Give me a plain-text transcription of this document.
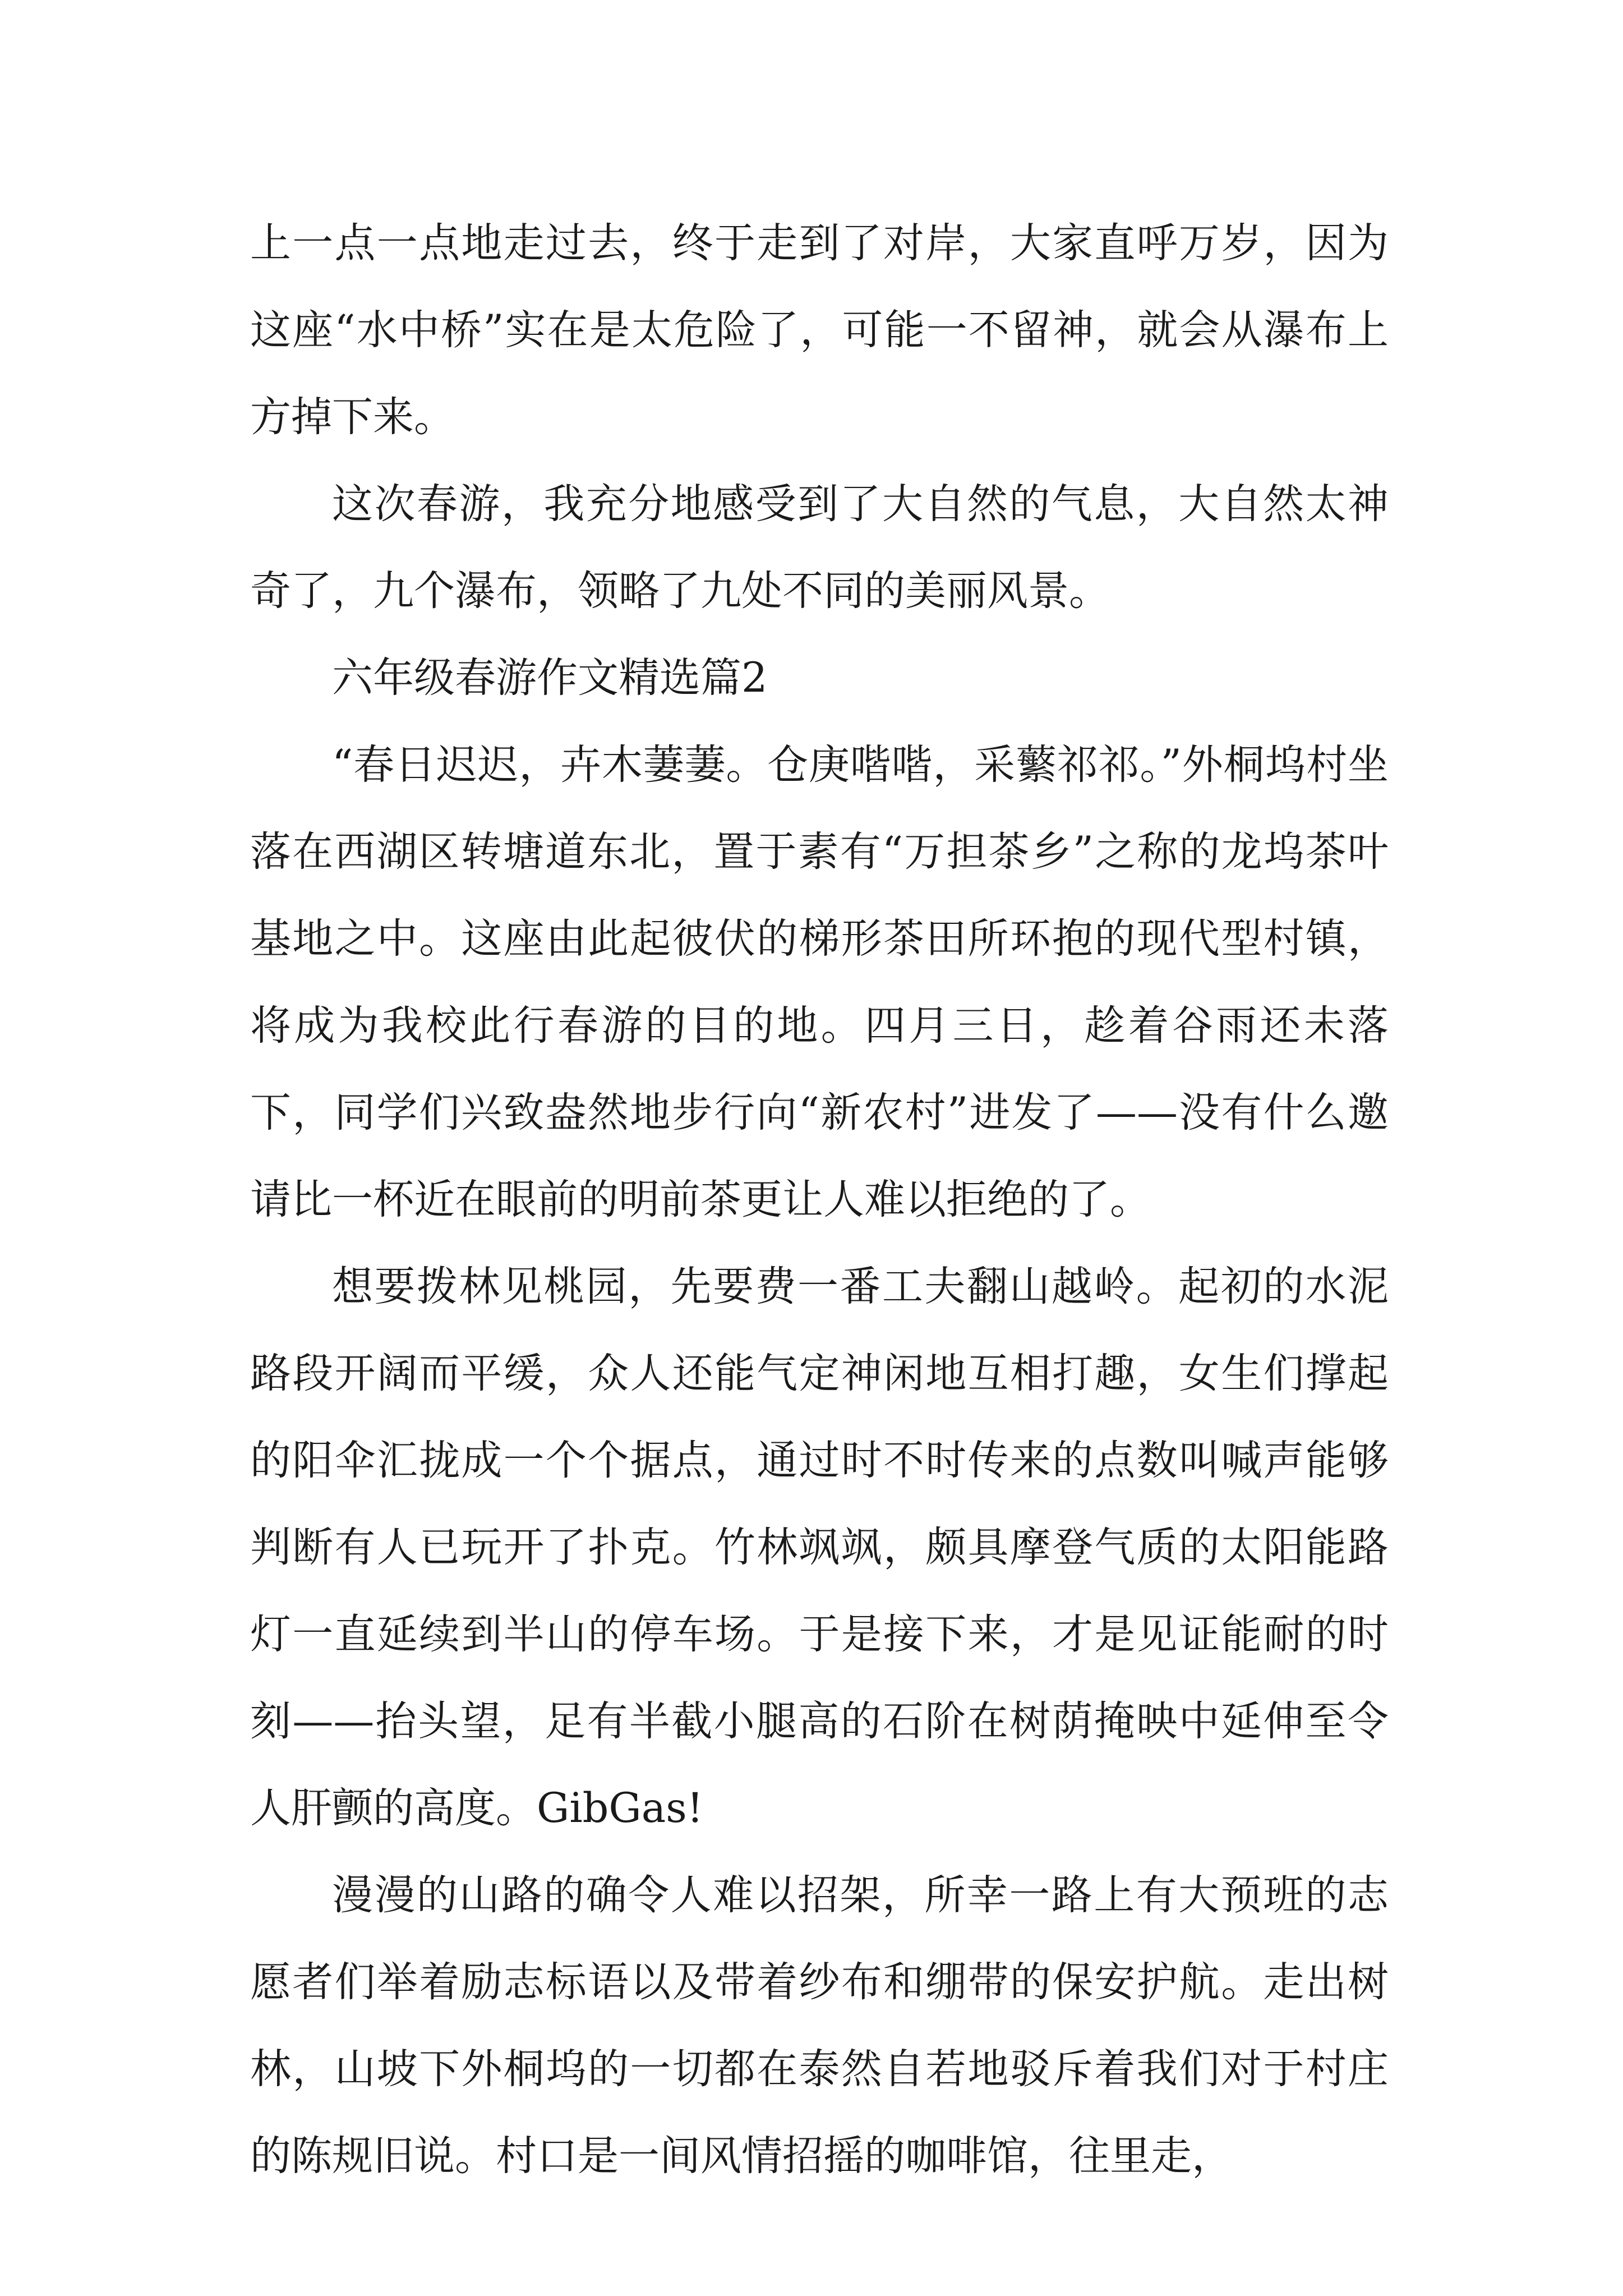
上一点一点地走过去，终于走到了对岸，大家直呼万岁，因为这座“水中桥”实在是太危险了，可能一不留神，就会从瀑布上方掉下来。

这次春游，我充分地感受到了大自然的气息，大自然太神奇了，九个瀑布，领略了九处不同的美丽风景。

六年级春游作文精选篇2

“春日迟迟，卉木萋萋。仓庚喈喈，采蘩祁祁。”外桐坞村坐落在西湖区转塘道东北，置于素有“万担茶乡”之称的龙坞茶叶基地之中。这座由此起彼伏的梯形茶田所环抱的现代型村镇，将成为我校此行春游的目的地。四月三日，趁着谷雨还未落下，同学们兴致盎然地步行向“新农村”进发了——没有什么邀请比一杯近在眼前的明前茶更让人难以拒绝的了。

想要拨林见桃园，先要费一番工夫翻山越岭。起初的水泥路段开阔而平缓，众人还能气定神闲地互相打趣，女生们撑起的阳伞汇拢成一个个据点，通过时不时传来的点数叫喊声能够判断有人已玩开了扑克。竹林飒飒，颇具摩登气质的太阳能路灯一直延续到半山的停车场。于是接下来，才是见证能耐的时刻——抬头望，足有半截小腿高的石阶在树荫掩映中延伸至令人肝颤的高度。GibGas!

漫漫的山路的确令人难以招架，所幸一路上有大预班的志愿者们举着励志标语以及带着纱布和绷带的保安护航。走出树林，山坡下外桐坞的一切都在泰然自若地驳斥着我们对于村庄的陈规旧说。村口是一间风情招摇的咖啡馆，往里走，
